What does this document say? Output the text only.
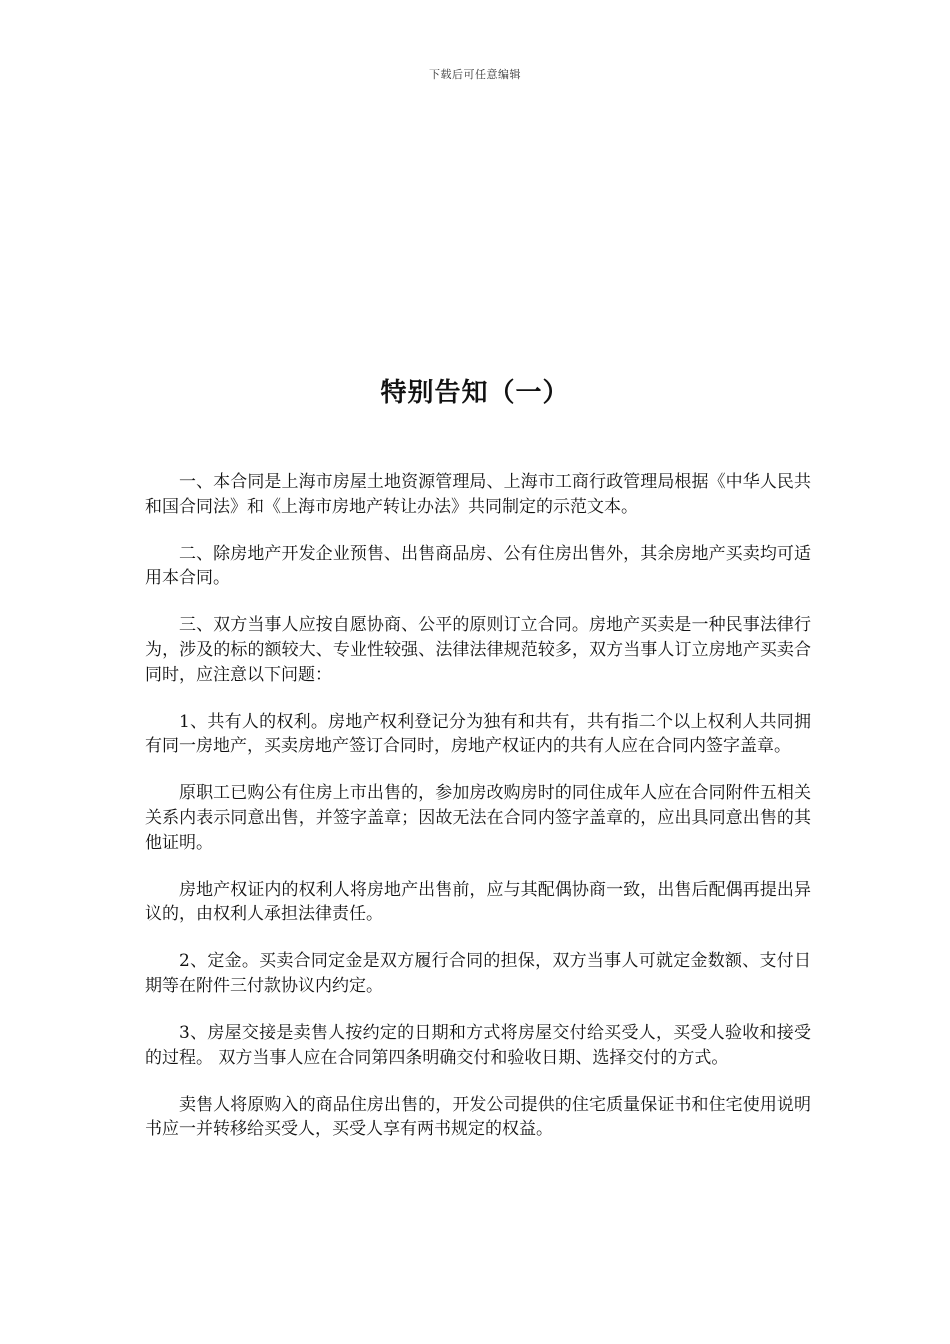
下载后可任意编辑
特别告知（一）

一、本合同是上海市房屋土地资源管理局、上海市工商行政管理局根据《中华人民共和国合同法》和《上海市房地产转让办法》共同制定的示范文本。

二、除房地产开发企业预售、出售商品房、公有住房出售外，其余房地产买卖均可适用本合同。

三、双方当事人应按自愿协商、公平的原则订立合同。房地产买卖是一种民事法律行为，涉及的标的额较大、专业性较强、法律法律规范较多，双方当事人订立房地产买卖合同时，应注意以下问题：

1、共有人的权利。房地产权利登记分为独有和共有，共有指二个以上权利人共同拥有同一房地产，买卖房地产签订合同时，房地产权证内的共有人应在合同内签字盖章。

原职工已购公有住房上市出售的，参加房改购房时的同住成年人应在合同附件五相关关系内表示同意出售，并签字盖章；因故无法在合同内签字盖章的，应出具同意出售的其他证明。

房地产权证内的权利人将房地产出售前，应与其配偶协商一致，出售后配偶再提出异议的，由权利人承担法律责任。

2、定金。买卖合同定金是双方履行合同的担保，双方当事人可就定金数额、支付日期等在附件三付款协议内约定。

3、房屋交接是卖售人按约定的日期和方式将房屋交付给买受人，买受人验收和接受的过程。 双方当事人应在合同第四条明确交付和验收日期、选择交付的方式。

卖售人将原购入的商品住房出售的，开发公司提供的住宅质量保证书和住宅使用说明书应一并转移给买受人，买受人享有两书规定的权益。
